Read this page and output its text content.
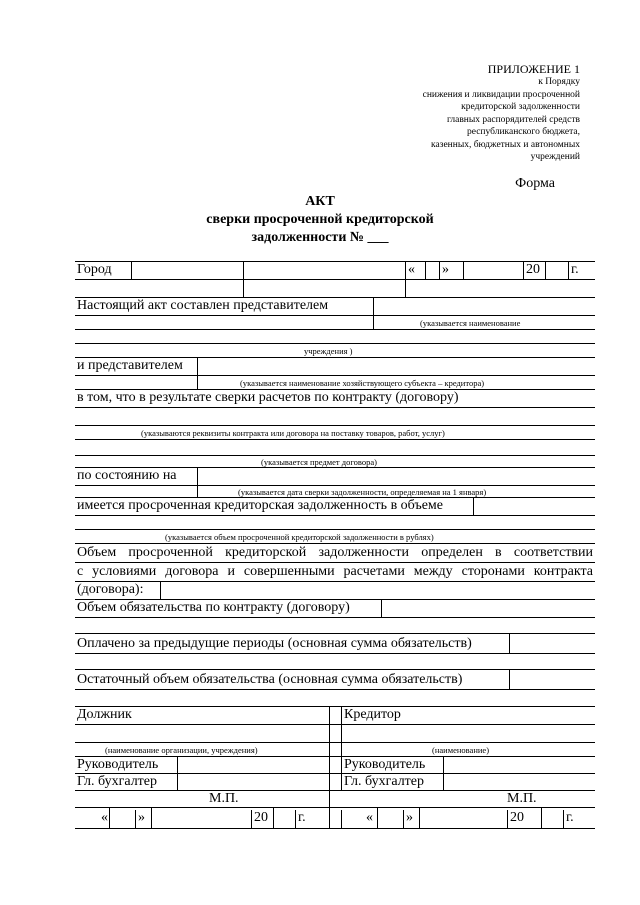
ПРИЛОЖЕНИЕ 1
к Порядку
снижения и ликвидации просроченной
кредиторской задолженности
главных распорядителей средств
республиканского бюджета,
казенных, бюджетных и автономных
учреждений
Форма
АКТ
сверки просроченной кредиторской
задолженности № ___
Город	«	»	20	г.
Настоящий акт составлен представителем
(указывается наименование
учреждения )
и представителем
(указывается наименование хозяйствующего субъекта – кредитора)
в том, что в результате сверки расчетов по контракту (договору)
(указываются реквизиты контракта или договора на поставку товаров, работ, услуг)
(указывается предмет договора)
по состоянию на
(указывается дата сверки задолженности, определяемая на 1 января)
имеется просроченная кредиторская задолженность в объеме
(указывается объем просроченной кредиторской задолженности в рублях)
Объем просроченной кредиторской задолженности определен в соответствии
с условиями договора и совершенными расчетами между сторонами контракта
(договора):
Объем обязательства по контракту (договору)
Оплачено за предыдущие периоды (основная сумма обязательств)
Остаточный объем обязательства (основная сумма обязательств)
Должник	Кредитор
(наименование организации, учреждения)	(наименование)
Руководитель	Руководитель
Гл. бухгалтер	Гл. бухгалтер
М.П.	М.П.
« »	20	г.	«	»	20	г.
